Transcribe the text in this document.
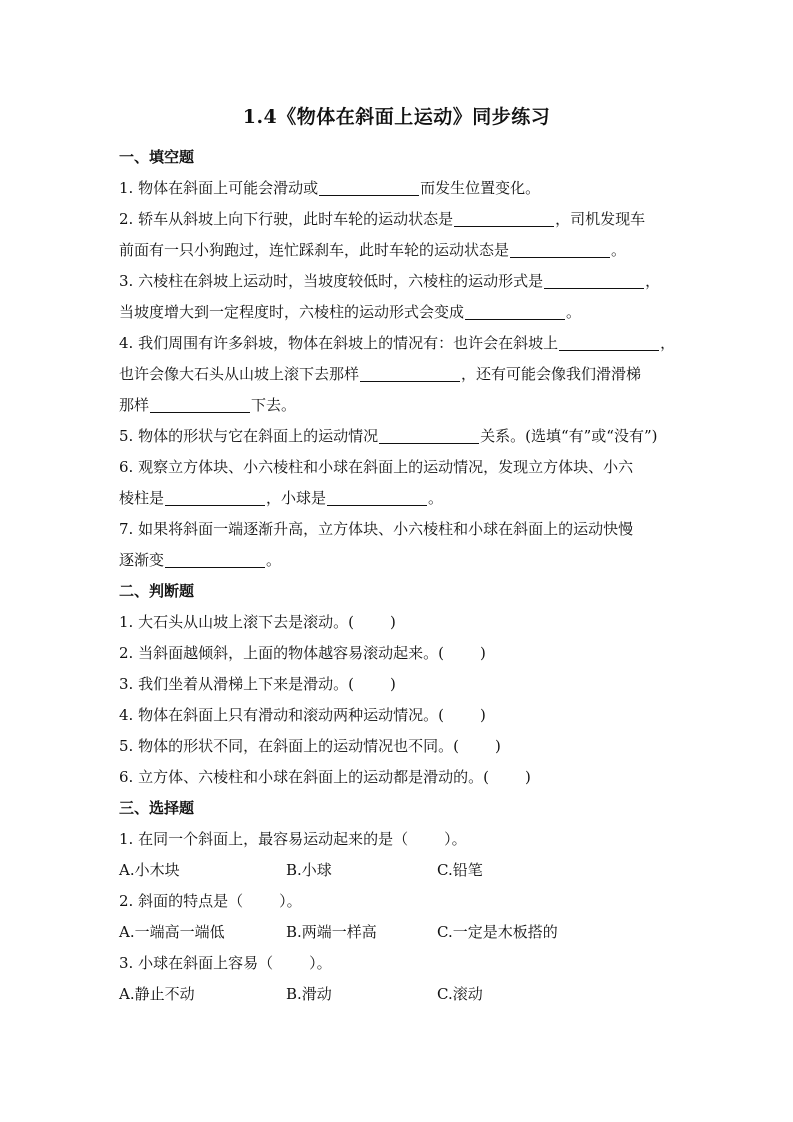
1.4《物体在斜面上运动》同步练习
一、填空题
1. 物体在斜面上可能会滑动或	而发生位置变化。
2. 轿车从斜坡上向下行驶，此时车轮的运动状态是	，司机发现车
前面有一只小狗跑过，连忙踩刹车，此时车轮的运动状态是	。
3. 六棱柱在斜坡上运动时，当坡度较低时，六棱柱的运动形式是	，
当坡度增大到一定程度时，六棱柱的运动形式会变成	。
4. 我们周围有许多斜坡，物体在斜坡上的情况有：也许会在斜坡上	，
也许会像大石头从山坡上滚下去那样	，还有可能会像我们滑滑梯
那样	下去。
5. 物体的形状与它在斜面上的运动情况	关系。(选填“有”或“没有”)
6. 观察立方体块、小六棱柱和小球在斜面上的运动情况，发现立方体块、小六
棱柱是	，小球是	。
7. 如果将斜面一端逐渐升高，立方体块、小六棱柱和小球在斜面上的运动快慢
逐渐变	。
二、判断题
1. 大石头从山坡上滚下去是滚动。( )
2. 当斜面越倾斜，上面的物体越容易滚动起来。( )
3. 我们坐着从滑梯上下来是滑动。( )
4. 物体在斜面上只有滑动和滚动两种运动情况。( )
5. 物体的形状不同，在斜面上的运动情况也不同。( )
6. 立方体、六棱柱和小球在斜面上的运动都是滑动的。( )
三、选择题
1. 在同一个斜面上，最容易运动起来的是（ ）。
A.小木块	B.小球	C.铅笔
2. 斜面的特点是（ ）。
A.一端高一端低	B.两端一样高	C.一定是木板搭的
3. 小球在斜面上容易（ ）。
A.静止不动	B.滑动	C.滚动
